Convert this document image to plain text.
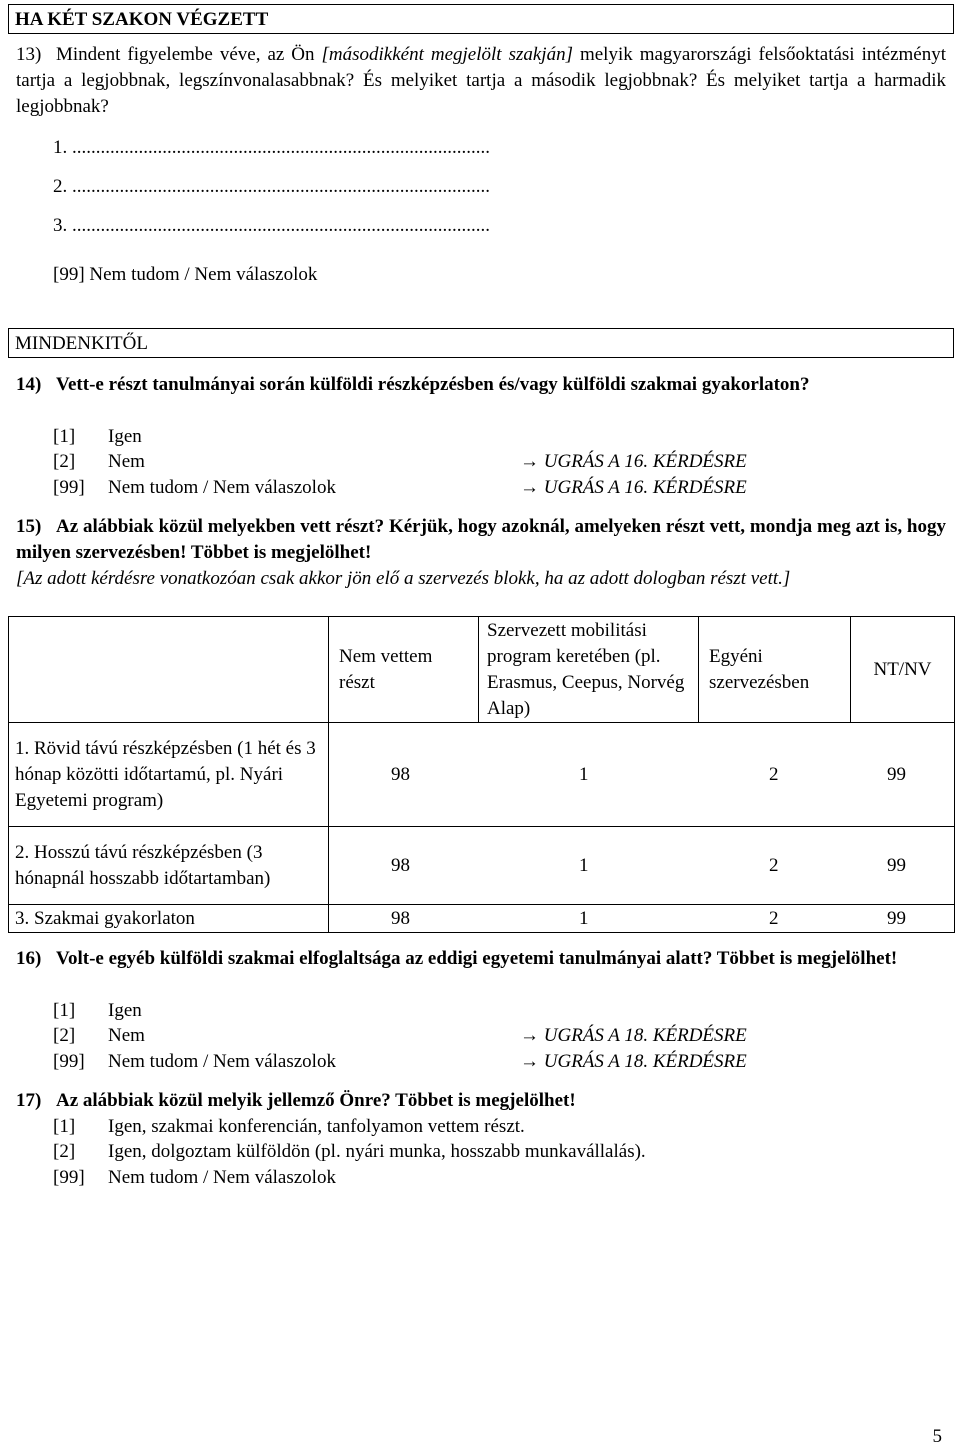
HA KÉT SZAKON VÉGZETT
13) Mindent figyelembe véve, az Ön [másodikként megjelölt szakján] melyik magyarországi felsőoktatási intézményt tartja a legjobbnak, legszínvonalasabbnak? És melyiket tartja a második legjobbnak? És melyiket tartja a harmadik legjobbnak?
1. ........................................................................................
2. ........................................................................................
3. ........................................................................................
[99] Nem tudom / Nem válaszolok
MINDENKITŐL
14) Vett-e részt tanulmányai során külföldi részképzésben és/vagy külföldi szakmai gyakorlaton?
[1] Igen
[2] Nem	→ UGRÁS A 16. KÉRDÉSRE
[99] Nem tudom / Nem válaszolok	→ UGRÁS A 16. KÉRDÉSRE
15) Az alábbiak közül melyekben vett részt? Kérjük, hogy azoknál, amelyeken részt vett, mondja meg azt is, hogy milyen szervezésben! Többet is megjelölhet!
[Az adott kérdésre vonatkozóan csak akkor jön elő a szervezés blokk, ha az adott dologban részt vett.]
	Nem vettem részt	Szervezett mobilitási program keretében (pl. Erasmus, Ceepus, Norvég Alap)	Egyéni szervezésben	NT/NV
1. Rövid távú részképzésben (1 hét és 3 hónap közötti időtartamú, pl. Nyári Egyetemi program)	98 1 2 99			

2. Hosszú távú részképzésben (3 hónapnál hosszabb időtartamban)	98 1 2 99			

3. Szakmai gyakorlaton	98 1 2 99			
16) Volt-e egyéb külföldi szakmai elfoglaltsága az eddigi egyetemi tanulmányai alatt? Többet is megjelölhet!
[1] Igen
[2] Nem	→ UGRÁS A 18. KÉRDÉSRE
[99] Nem tudom / Nem válaszolok	→ UGRÁS A 18. KÉRDÉSRE
17) Az alábbiak közül melyik jellemző Önre? Többet is megjelölhet!
[1] Igen, szakmai konferencián, tanfolyamon vettem részt.
[2] Igen, dolgoztam külföldön (pl. nyári munka, hosszabb munkavállalás).
[99] Nem tudom / Nem válaszolok
5
